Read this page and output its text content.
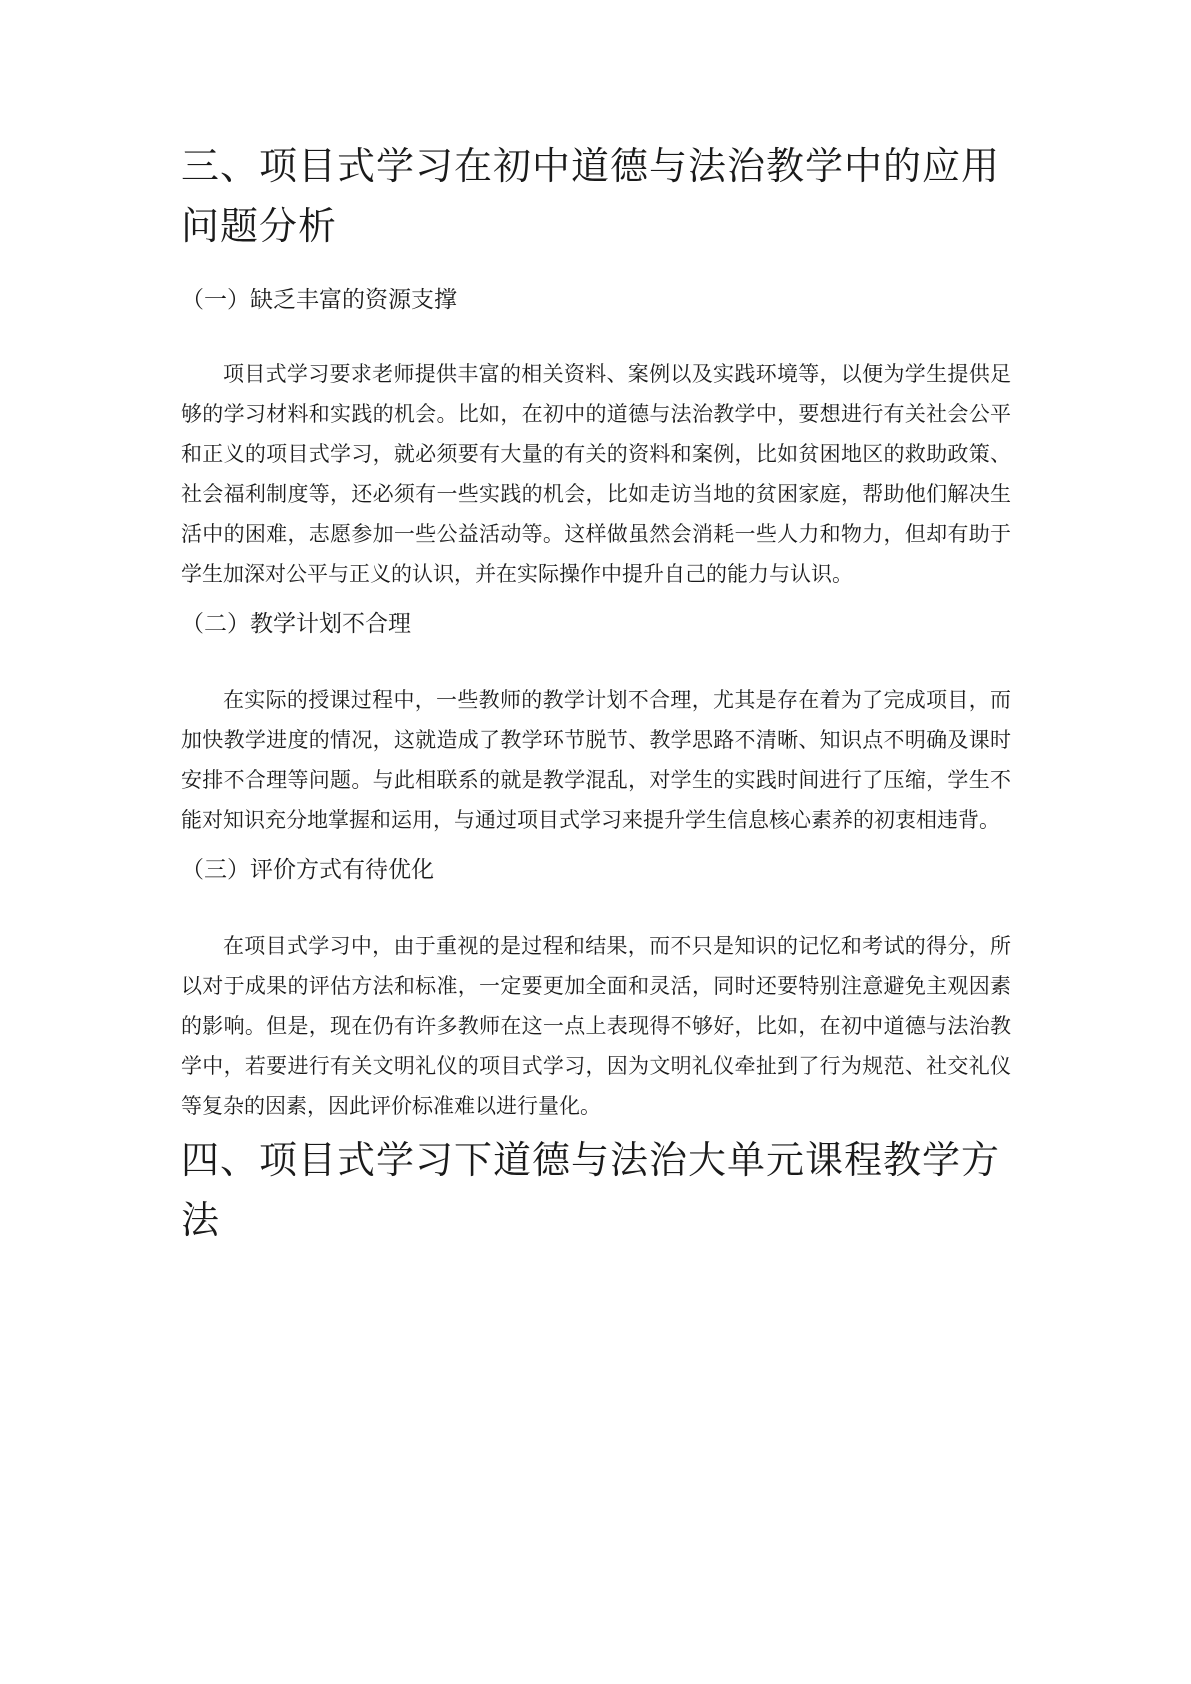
三、项目式学习在初中道德与法治教学中的应用问题分析
（一）缺乏丰富的资源支撑

项目式学习要求老师提供丰富的相关资料、案例以及实践环境等，以便为学生提供足够的学习材料和实践的机会。比如，在初中的道德与法治教学中，要想进行有关社会公平和正义的项目式学习，就必须要有大量的有关的资料和案例，比如贫困地区的救助政策、社会福利制度等，还必须有一些实践的机会，比如走访当地的贫困家庭，帮助他们解决生活中的困难，志愿参加一些公益活动等。这样做虽然会消耗一些人力和物力，但却有助于学生加深对公平与正义的认识，并在实际操作中提升自己的能力与认识。

（二）教学计划不合理

在实际的授课过程中，一些教师的教学计划不合理，尤其是存在着为了完成项目，而加快教学进度的情况，这就造成了教学环节脱节、教学思路不清晰、知识点不明确及课时安排不合理等问题。与此相联系的就是教学混乱，对学生的实践时间进行了压缩，学生不能对知识充分地掌握和运用，与通过项目式学习来提升学生信息核心素养的初衷相违背。

（三）评价方式有待优化

在项目式学习中，由于重视的是过程和结果，而不只是知识的记忆和考试的得分，所以对于成果的评估方法和标准，一定要更加全面和灵活，同时还要特别注意避免主观因素的影响。但是，现在仍有许多教师在这一点上表现得不够好，比如，在初中道德与法治教学中，若要进行有关文明礼仪的项目式学习，因为文明礼仪牵扯到了行为规范、社交礼仪等复杂的因素，因此评价标准难以进行量化。

四、项目式学习下道德与法治大单元课程教学方法
